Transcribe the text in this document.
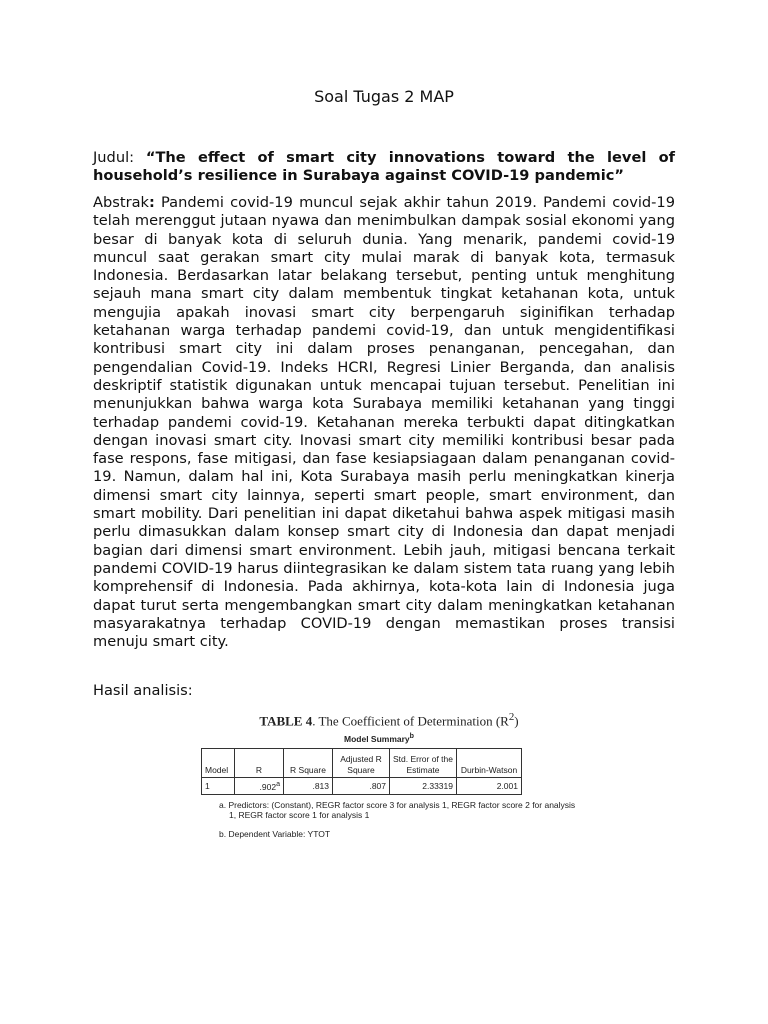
Soal Tugas 2 MAP
Judul: “The effect of smart city innovations toward the level of household’s resilience in Surabaya against COVID-19 pandemic”
Abstrak: Pandemi covid-19 muncul sejak akhir tahun 2019. Pandemi covid-19 telah merenggut jutaan nyawa dan menimbulkan dampak sosial ekonomi yang besar di banyak kota di seluruh dunia. Yang menarik, pandemi covid-19 muncul saat gerakan smart city mulai marak di banyak kota, termasuk Indonesia. Berdasarkan latar belakang tersebut, penting untuk menghitung sejauh mana smart city dalam membentuk tingkat ketahanan kota, untuk mengujia apakah inovasi smart city berpengaruh siginifikan terhadap ketahanan warga terhadap pandemi covid-19, dan untuk mengidentifikasi kontribusi smart city ini dalam proses penanganan, pencegahan, dan pengendalian Covid-19. Indeks HCRI, Regresi Linier Berganda, dan analisis deskriptif statistik digunakan untuk mencapai tujuan tersebut. Penelitian ini menunjukkan bahwa warga kota Surabaya memiliki ketahanan yang tinggi terhadap pandemi covid-19. Ketahanan mereka terbukti dapat ditingkatkan dengan inovasi smart city. Inovasi smart city memiliki kontribusi besar pada fase respons, fase mitigasi, dan fase kesiapsiagaan dalam penanganan covid-19. Namun, dalam hal ini, Kota Surabaya masih perlu meningkatkan kinerja dimensi smart city lainnya, seperti smart people, smart environment, dan smart mobility. Dari penelitian ini dapat diketahui bahwa aspek mitigasi masih perlu dimasukkan dalam konsep smart city di Indonesia dan dapat menjadi bagian dari dimensi smart environment. Lebih jauh, mitigasi bencana terkait pandemi COVID-19 harus diintegrasikan ke dalam sistem tata ruang yang lebih komprehensif di Indonesia. Pada akhirnya, kota-kota lain di Indonesia juga dapat turut serta mengembangkan smart city dalam meningkatkan ketahanan masyarakatnya terhadap COVID-19 dengan memastikan proses transisi menuju smart city.
Hasil analisis:
TABLE 4. The Coefficient of Determination $(R^2)$
Model Summary$^b$
Model	R	R Square	Adjusted R Square	Std. Error of the Estimate	Durbin-Watson
1	.902$^a$	.813	.807	2.33319	2.001
a. Predictors: (Constant), REGR factor score 3 for analysis 1, REGR factor score 2 for analysis 1, REGR factor score 1 for analysis 1
b. Dependent Variable: YTOT
